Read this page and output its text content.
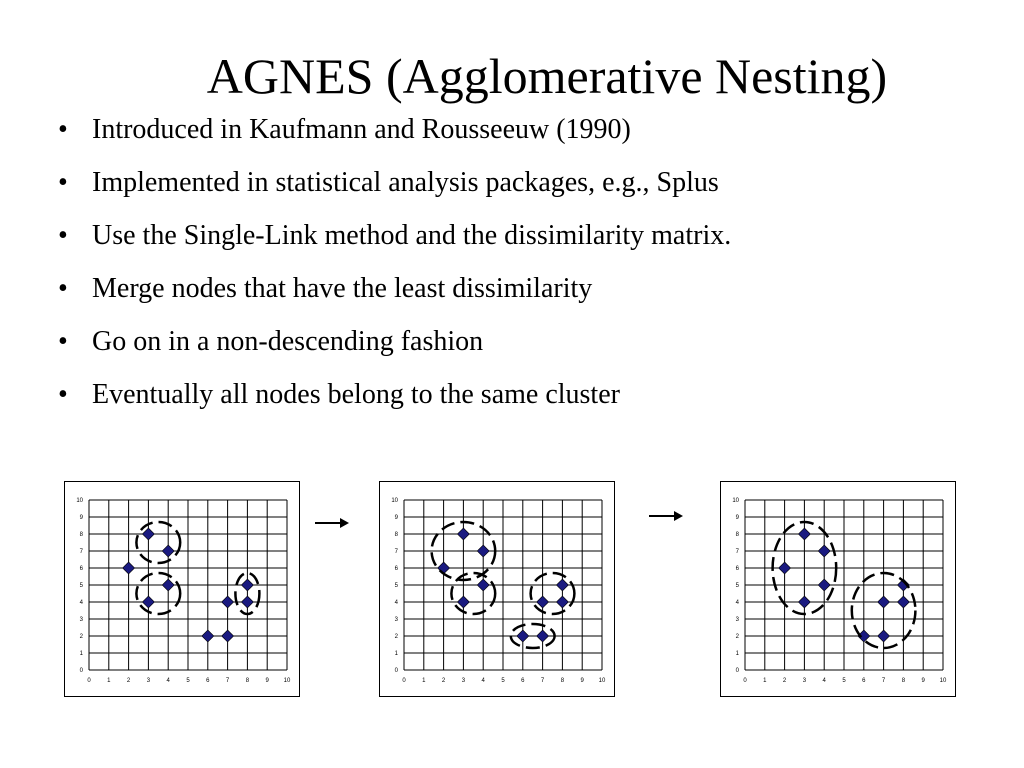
AGNES (Agglomerative Nesting)
• Introduced in Kaufmann and Rousseeuw (1990)
• Implemented in statistical analysis packages, e.g., Splus
• Use the Single-Link method and the dissimilarity matrix.
• Merge nodes that have the least dissimilarity
• Go on in a non-descending fashion
• Eventually all nodes belong to the same cluster
0	1	2	3	4	5	6	7	8	9 10
0
1
2
3
4
5
6
7
8
9
10
0	1	2	3	4	5	6	7	8	9 10
0
1
2
3
4
5
6
7
8
9
10
0	1	2	3	4	5	6	7	8	9 10
0
1
2
3
4
5
6
7
8
9
10
